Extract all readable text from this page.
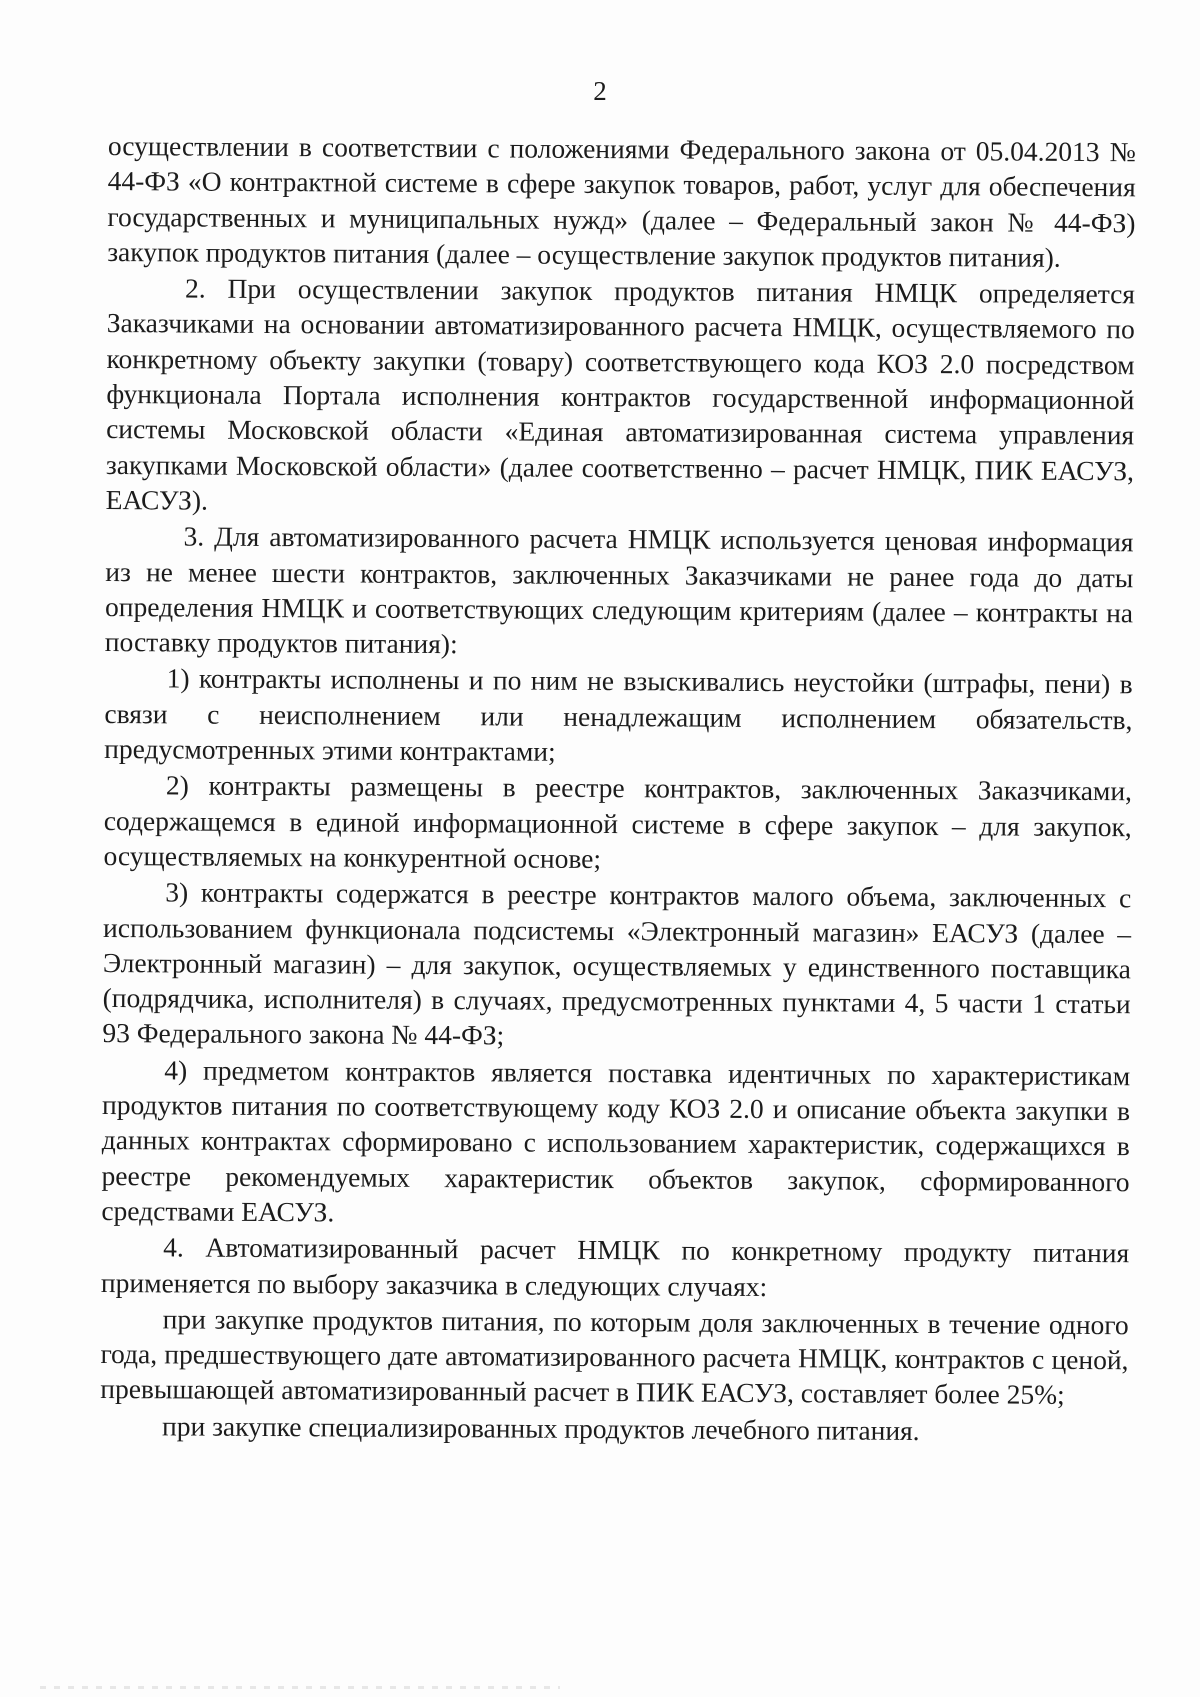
2

осуществлении в соответствии с положениями Федерального закона от 05.04.2013 № 44-ФЗ «О контрактной системе в сфере закупок товаров, работ, услуг для обеспечения государственных и муниципальных нужд» (далее – Федеральный закон № 44-ФЗ) закупок продуктов питания (далее – осуществление закупок продуктов питания).

2. При осуществлении закупок продуктов питания НМЦК определяется Заказчиками на основании автоматизированного расчета НМЦК, осуществляемого по конкретному объекту закупки (товару) соответствующего кода КОЗ 2.0 посредством функционала Портала исполнения контрактов государственной информационной системы Московской области «Единая автоматизированная система управления закупками Московской области» (далее соответственно – расчет НМЦК, ПИК ЕАСУЗ, ЕАСУЗ).

3. Для автоматизированного расчета НМЦК используется ценовая информация из не менее шести контрактов, заключенных Заказчиками не ранее года до даты определения НМЦК и соответствующих следующим критериям (далее – контракты на поставку продуктов питания):

1) контракты исполнены и по ним не взыскивались неустойки (штрафы, пени) в связи с неисполнением или ненадлежащим исполнением обязательств, предусмотренных этими контрактами;

2) контракты размещены в реестре контрактов, заключенных Заказчиками, содержащемся в единой информационной системе в сфере закупок – для закупок, осуществляемых на конкурентной основе;

3) контракты содержатся в реестре контрактов малого объема, заключенных с использованием функционала подсистемы «Электронный магазин» ЕАСУЗ (далее – Электронный магазин) – для закупок, осуществляемых у единственного поставщика (подрядчика, исполнителя) в случаях, предусмотренных пунктами 4, 5 части 1 статьи 93 Федерального закона № 44-ФЗ;

4) предметом контрактов является поставка идентичных по характеристикам продуктов питания по соответствующему коду КОЗ 2.0 и описание объекта закупки в данных контрактах сформировано с использованием характеристик, содержащихся в реестре рекомендуемых характеристик объектов закупок, сформированного средствами ЕАСУЗ.

4. Автоматизированный расчет НМЦК по конкретному продукту питания применяется по выбору заказчика в следующих случаях:

при закупке продуктов питания, по которым доля заключенных в течение одного года, предшествующего дате автоматизированного расчета НМЦК, контрактов с ценой, превышающей автоматизированный расчет в ПИК ЕАСУЗ, составляет более 25%;

при закупке специализированных продуктов лечебного питания.
